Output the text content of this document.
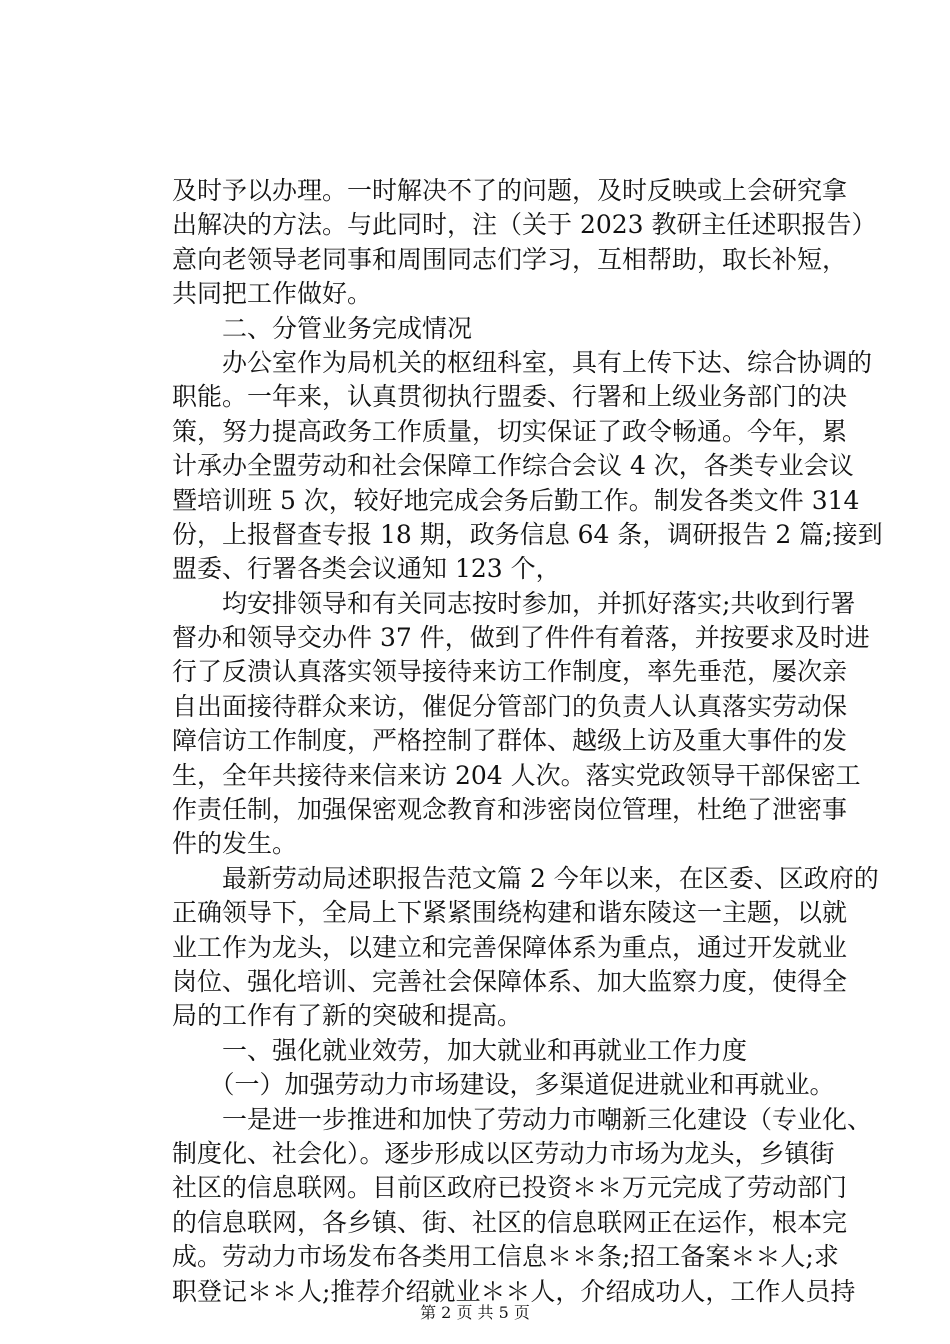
及时予以办理。一时解决不了的问题，及时反映或上会研究拿
出解决的方法。与此同时，注（关于 2023 教研主任述职报告）
意向老领导老同事和周围同志们学习，互相帮助，取长补短，
共同把工作做好。
　　二、分管业务完成情况
　　办公室作为局机关的枢纽科室，具有上传下达、综合协调的
职能。一年来，认真贯彻执行盟委、行署和上级业务部门的决
策，努力提高政务工作质量，切实保证了政令畅通。今年，累
计承办全盟劳动和社会保障工作综合会议 4 次，各类专业会议
暨培训班 5 次，较好地完成会务后勤工作。制发各类文件 314
份，上报督查专报 18 期，政务信息 64 条，调研报告 2 篇;接到
盟委、行署各类会议通知 123 个，
　　均安排领导和有关同志按时参加，并抓好落实;共收到行署
督办和领导交办件 37 件，做到了件件有着落，并按要求及时进
行了反溃认真落实领导接待来访工作制度，率先垂范，屡次亲
自出面接待群众来访，催促分管部门的负责人认真落实劳动保
障信访工作制度，严格控制了群体、越级上访及重大事件的发
生，全年共接待来信来访 204 人次。落实党政领导干部保密工
作责任制，加强保密观念教育和涉密岗位管理，杜绝了泄密事
件的发生。
　　最新劳动局述职报告范文篇 2 今年以来，在区委、区政府的
正确领导下，全局上下紧紧围绕构建和谐东陵这一主题，以就
业工作为龙头，以建立和完善保障体系为重点，通过开发就业
岗位、强化培训、完善社会保障体系、加大监察力度，使得全
局的工作有了新的突破和提高。
　　一、强化就业效劳，加大就业和再就业工作力度
　　（一）加强劳动力市场建设，多渠道促进就业和再就业。
　　一是进一步推进和加快了劳动力市嘲新三化建设（专业化、
制度化、社会化）。逐步形成以区劳动力市场为龙头，乡镇街
社区的信息联网。目前区政府已投资＊＊万元完成了劳动部门
的信息联网，各乡镇、街、社区的信息联网正在运作，根本完
成。劳动力市场发布各类用工信息＊＊条;招工备案＊＊人;求
职登记＊＊人;推荐介绍就业＊＊人，介绍成功人，工作人员持
第 2 页 共 5 页
